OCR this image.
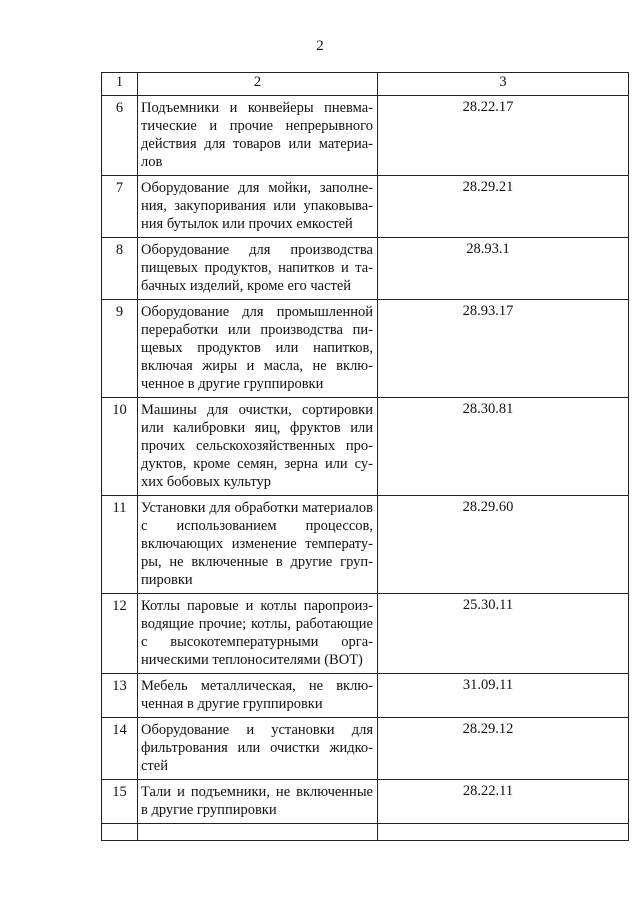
2
1	2	3
6	Подъемники и конвейеры пневматические и прочие непрерывного действия для товаров или материалов	28.22.17
7	Оборудование для мойки, заполнения, закупоривания или упаковывания бутылок или прочих емкостей	28.29.21
8	Оборудование для производства пищевых продуктов, напитков и табачных изделий, кроме его частей	28.93.1
9	Оборудование для промышленной переработки или производства пищевых продуктов или напитков, включая жиры и масла, не включенное в другие группировки	28.93.17
10	Машины для очистки, сортировки или калибровки яиц, фруктов или прочих сельскохозяйственных продуктов, кроме семян, зерна или сухих бобовых культур	28.30.81
11	Установки для обработки материалов с использованием процессов, включающих изменение температуры, не включенные в другие группировки	28.29.60
12	Котлы паровые и котлы паропроизводящие прочие; котлы, работающие с высокотемпературными органическими теплоносителями (ВОТ)	25.30.11
13	Мебель металлическая, не включенная в другие группировки	31.09.11
14	Оборудование и установки для фильтрования или очистки жидкостей	28.29.12
15	Тали и подъемники, не включенные в другие группировки	28.22.11
